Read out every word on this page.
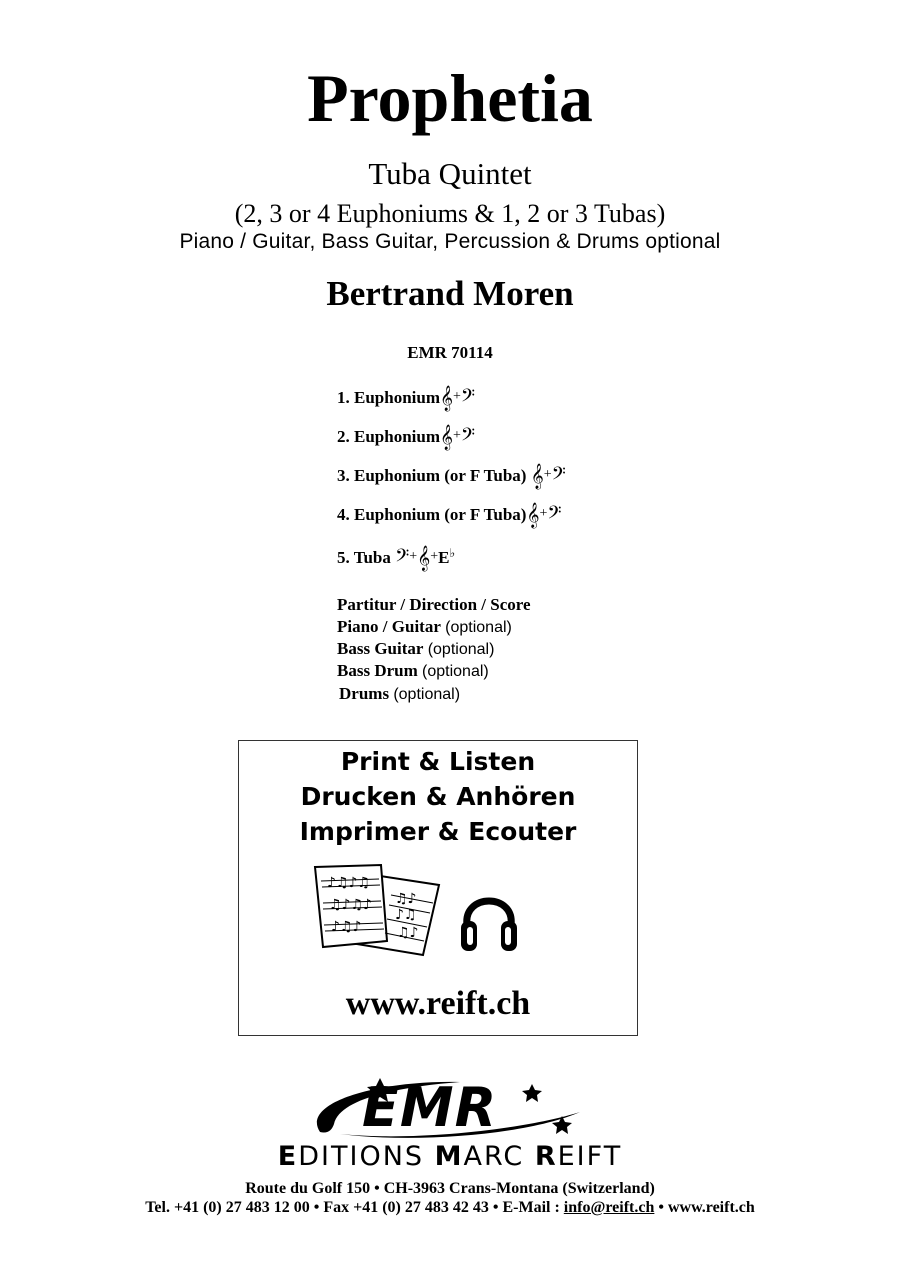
Prophetia
Tuba Quintet
(2, 3 or 4 Euphoniums & 1, 2 or 3 Tubas)
Piano / Guitar, Bass Guitar, Percussion & Drums optional
Bertrand Moren
EMR 70114
1. Euphonium𝄞+𝄢
2. Euphonium𝄞+𝄢
3. Euphonium (or F Tuba) 𝄞+𝄢
4. Euphonium (or F Tuba)𝄞+𝄢
5. Tuba 𝄢+𝄞+E♭
Partitur / Direction / Score
Piano / Guitar (optional)
Bass Guitar (optional)
Bass Drum (optional)
Drums (optional)
Print & Listen
Drucken & Anhören
Imprimer & Ecouter
♪♫♪♫
♫♪♫♪
♪♫♪
♫♪
♪♫
♫♪
www.reift.ch
EMR
EDITIONS MARC REIFT
Route du Golf 150 • CH-3963 Crans-Montana (Switzerland)
Tel. +41 (0) 27 483 12 00 • Fax +41 (0) 27 483 42 43 • E-Mail : info@reift.ch • www.reift.ch
